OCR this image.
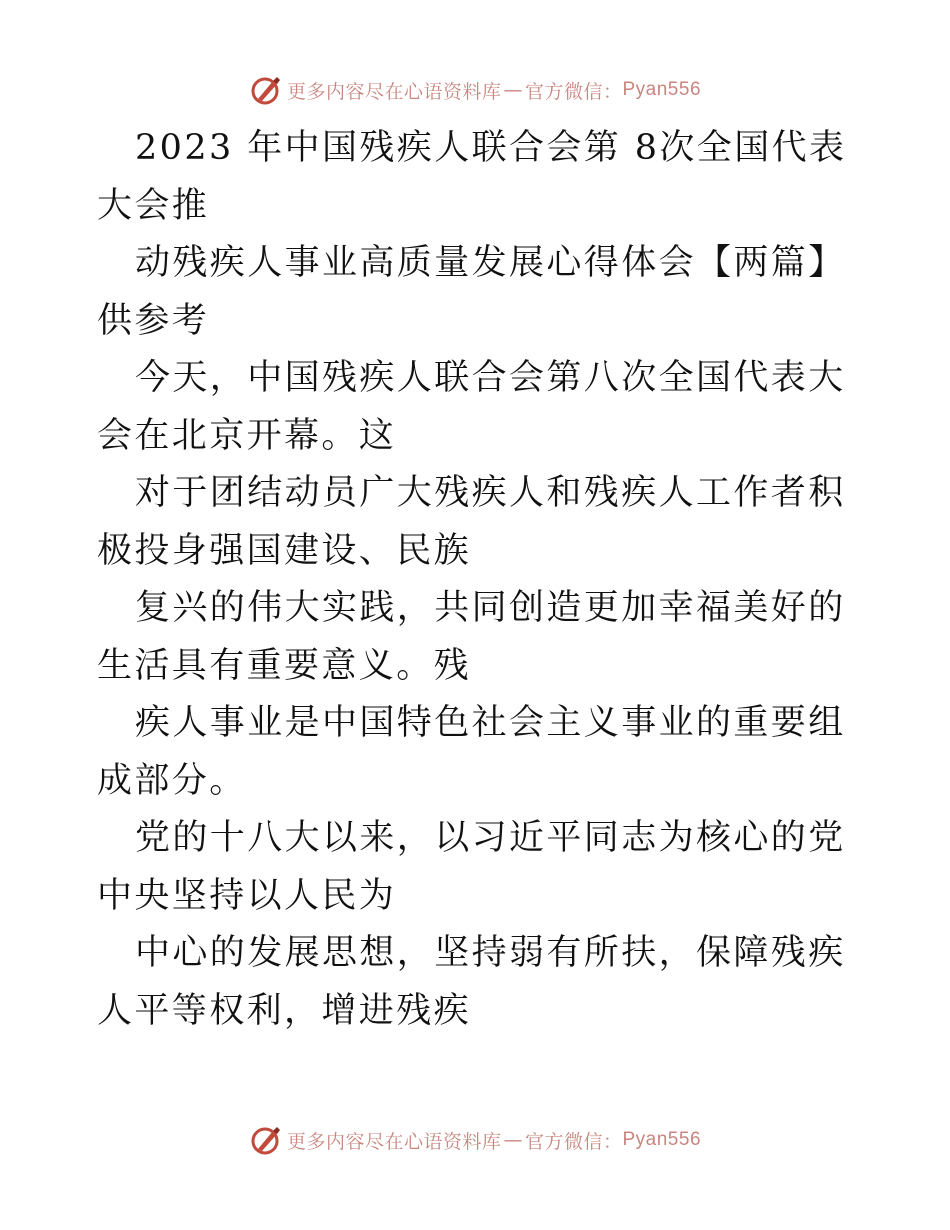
更多内容尽在心语资料库 — 官方微信： Pyan556

2023 年中国残疾人联合会第 8次全国代表大会推

动残疾人事业高质量发展心得体会【两篇】供参考

今天，中国残疾人联合会第八次全国代表大会在北京开幕。这

对于团结动员广大残疾人和残疾人工作者积极投身强国建设、民族

复兴的伟大实践，共同创造更加幸福美好的生活具有重要意义。残

疾人事业是中国特色社会主义事业的重要组成部分。

党的十八大以来，以习近平同志为核心的党中央坚持以人民为

中心的发展思想，坚持弱有所扶，保障残疾人平等权利，增进残疾

更多内容尽在心语资料库 — 官方微信： Pyan556
